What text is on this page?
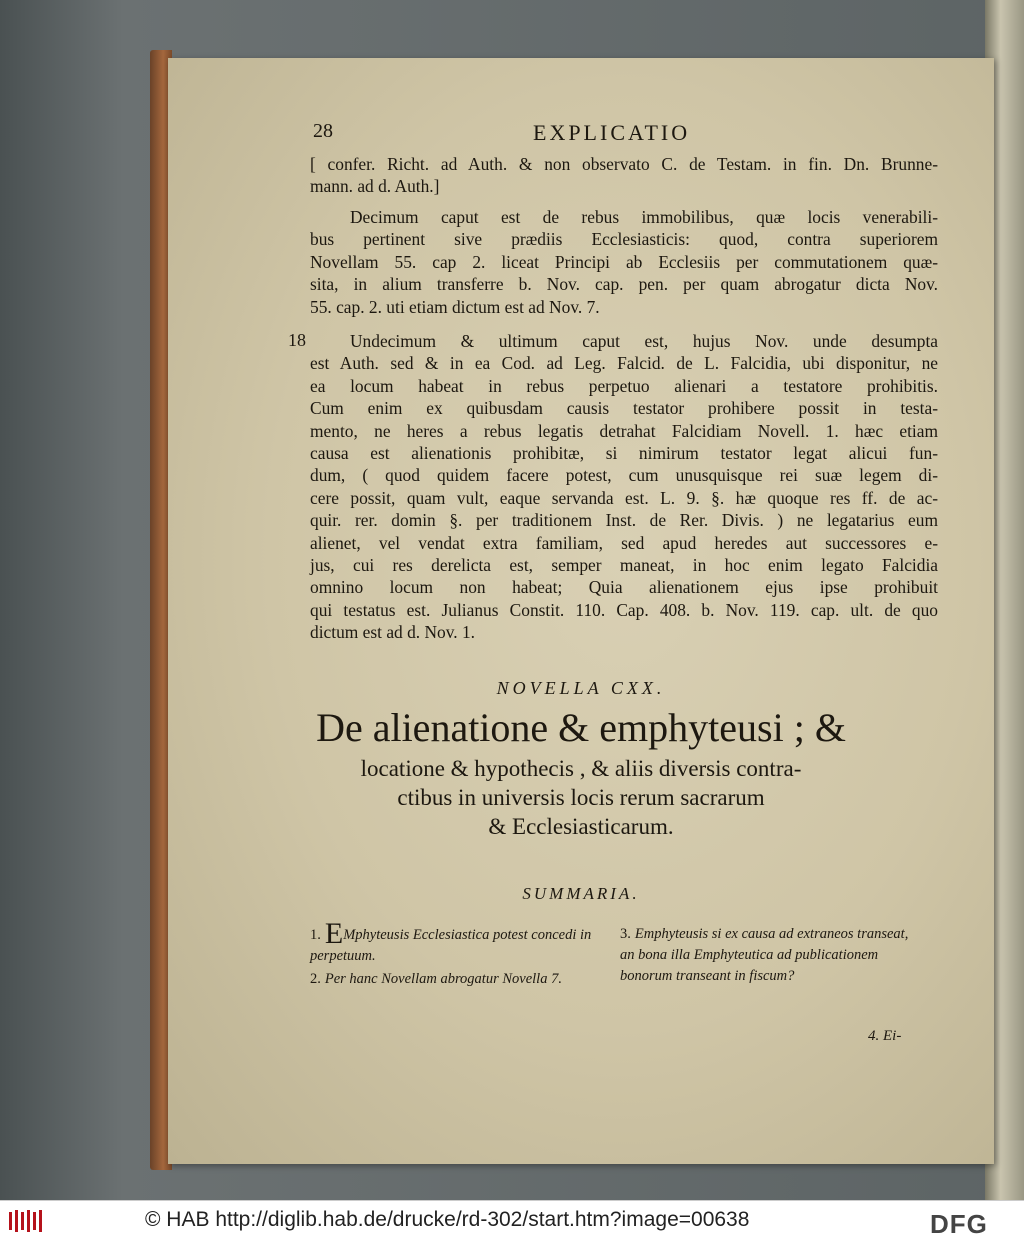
28	EXPLICATIO
[ confer. Richt. ad Auth. & non observato C. de Testam. in fin. Dn. Brunne-
mann. ad d. Auth.]
Decimum caput est de rebus immobilibus, quæ locis venerabili-
bus pertinent sive prædiis Ecclesiasticis: quod, contra superiorem
Novellam 55. cap 2. liceat Principi ab Ecclesiis per commutationem quæ-
sita, in alium transferre b. Nov. cap. pen. per quam abrogatur dicta Nov.
55. cap. 2. uti etiam dictum est ad Nov. 7.
18	Undecimum & ultimum caput est, hujus Nov. unde desumpta
est Auth. sed & in ea Cod. ad Leg. Falcid. de L. Falcidia, ubi disponitur, ne
ea locum habeat in rebus perpetuo alienari a testatore prohibitis.
Cum enim ex quibusdam causis testator prohibere possit in testa-
mento, ne heres a rebus legatis detrahat Falcidiam Novell. 1. hæc etiam
causa est alienationis prohibitæ, si nimirum testator legat alicui fun-
dum, ( quod quidem facere potest, cum unusquisque rei suæ legem di-
cere possit, quam vult, eaque servanda est. L. 9. §. hæ quoque res ff. de ac-
quir. rer. domin §. per traditionem Inst. de Rer. Divis. ) ne legatarius eum
alienet, vel vendat extra familiam, sed apud heredes aut successores e-
jus, cui res derelicta est, semper maneat, in hoc enim legato Falcidia
omnino locum non habeat; Quia alienationem ejus ipse prohibuit
qui testatus est. Julianus Constit. 110. Cap. 408. b. Nov. 119. cap. ult. de quo
dictum est ad d. Nov. 1.
NOVELLA CXX.
De alienatione & emphyteusi ; &
locatione & hypothecis , & aliis diversis contra-
ctibus in universis locis rerum sacrarum
& Ecclesiasticarum.
SUMMARIA.
1. EMphyteusis Ecclesiastica potest concedi in perpetuum.
2. Per hanc Novellam abrogatur Novella 7.
3. Emphyteusis si ex causa ad extraneos transeat, an bona illa Emphyteutica ad publicationem bonorum transeant in fiscum?
4. Ei-
© HAB http://diglib.hab.de/drucke/rd-302/start.htm?image=00638	DFG
